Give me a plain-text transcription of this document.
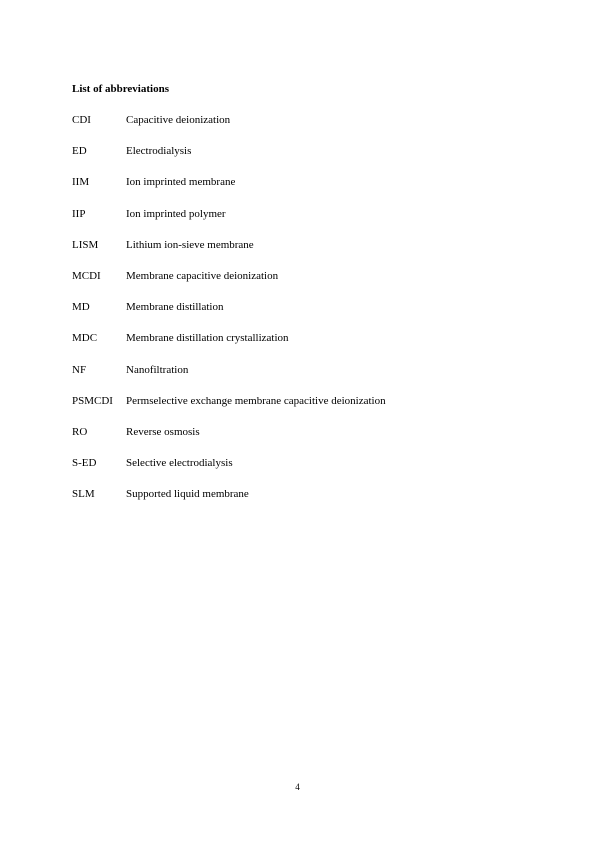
List of abbreviations
CDI	Capacitive deionization
ED	Electrodialysis
IIM	Ion imprinted membrane
IIP	Ion imprinted polymer
LISM	Lithium ion-sieve membrane
MCDI	Membrane capacitive deionization
MD	Membrane distillation
MDC	Membrane distillation crystallization
NF	Nanofiltration
PSMCDI	Permselective exchange membrane capacitive deionization
RO	Reverse osmosis
S-ED	Selective electrodialysis
SLM	Supported liquid membrane
4
